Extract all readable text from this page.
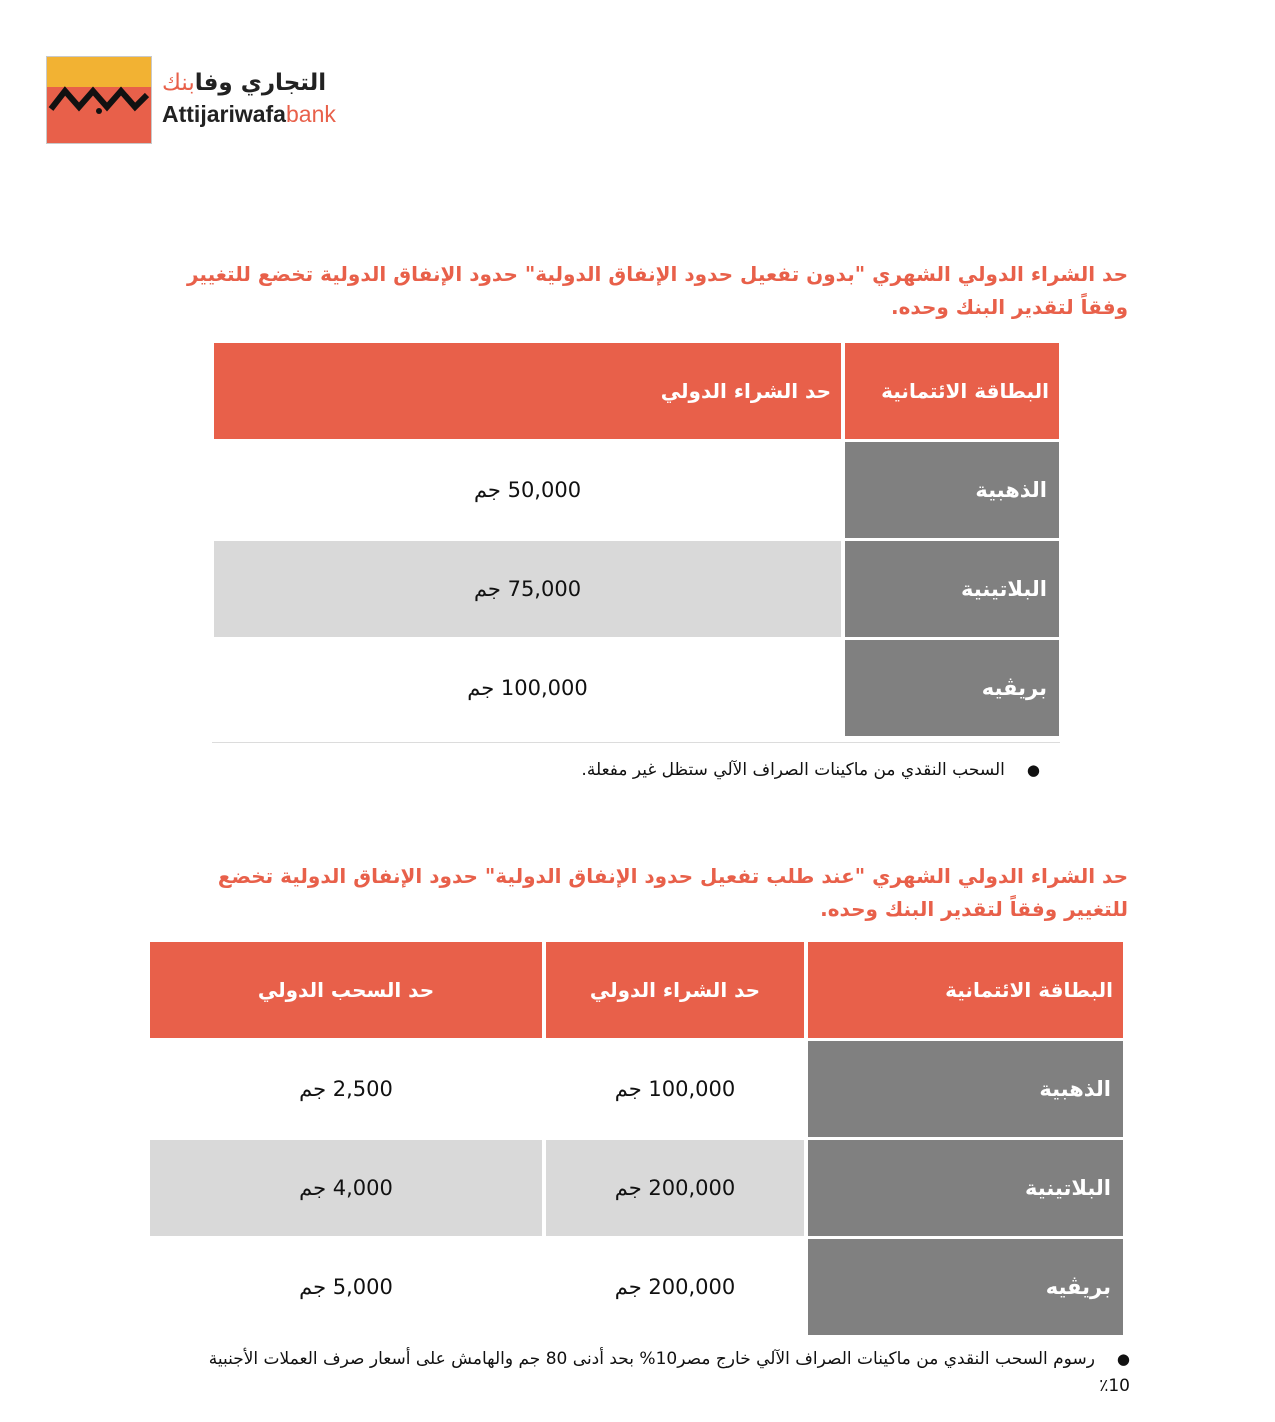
التجاري وفابنك
Attijariwafabank
حد الشراء الدولي الشهري "بدون تفعيل حدود الإنفاق الدولية" حدود الإنفاق الدولية تخضع للتغيير وفقاً لتقدير البنك وحده.
البطاقة الائتمانية	حد الشراء الدولي
الذهبية	50,000 جم
البلاتينية	75,000 جم
بريڤيه	100,000 جم
●السحب النقدي من ماكينات الصراف الآلي ستظل غير مفعلة.
حد الشراء الدولي الشهري "عند طلب تفعيل حدود الإنفاق الدولية" حدود الإنفاق الدولية تخضع للتغيير وفقاً لتقدير البنك وحده.
البطاقة الائتمانية	حد الشراء الدولي	حد السحب الدولي
الذهبية	100,000 جم	2,500 جم
البلاتينية	200,000 جم	4,000 جم
بريڤيه	200,000 جم	5,000 جم
●رسوم السحب النقدي من ماكينات الصراف الآلي خارج مصر10% بحد أدنى 80 جم والهامش على أسعار صرف العملات الأجنبية 10٪
